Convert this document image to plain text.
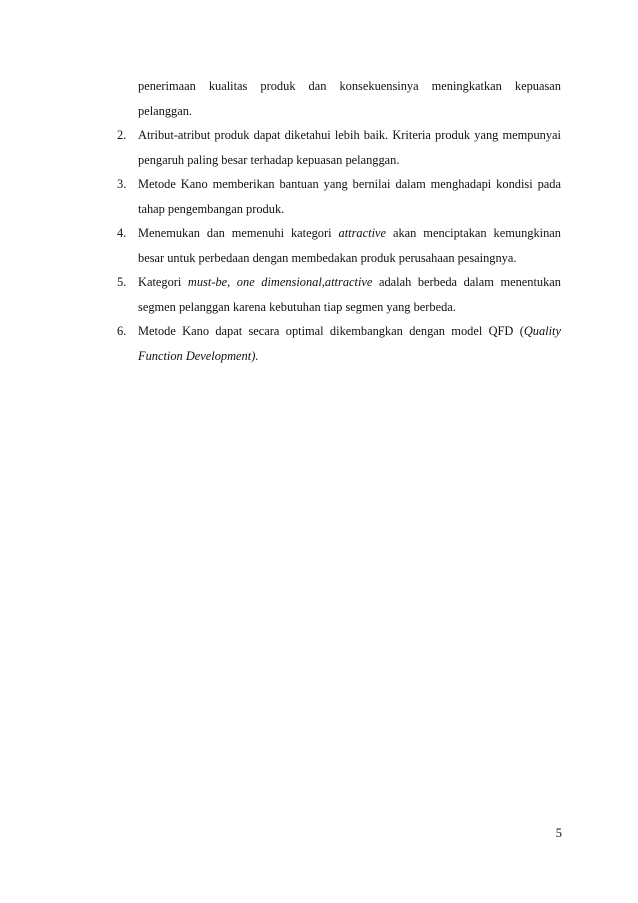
penerimaan kualitas produk dan konsekuensinya meningkatkan kepuasan
pelanggan.
2. Atribut-atribut produk dapat diketahui lebih baik. Kriteria produk yang mempunyai pengaruh paling besar terhadap kepuasan pelanggan.
3. Metode Kano memberikan bantuan yang bernilai dalam menghadapi kondisi pada tahap pengembangan produk.
4. Menemukan dan memenuhi kategori attractive akan menciptakan kemungkinan besar untuk perbedaan dengan membedakan produk perusahaan pesaingnya.
5. Kategori must-be, one dimensional,attractive adalah berbeda dalam menentukan segmen pelanggan karena kebutuhan tiap segmen yang berbeda.
6. Metode Kano dapat secara optimal dikembangkan dengan model QFD (Quality Function Development).
5
